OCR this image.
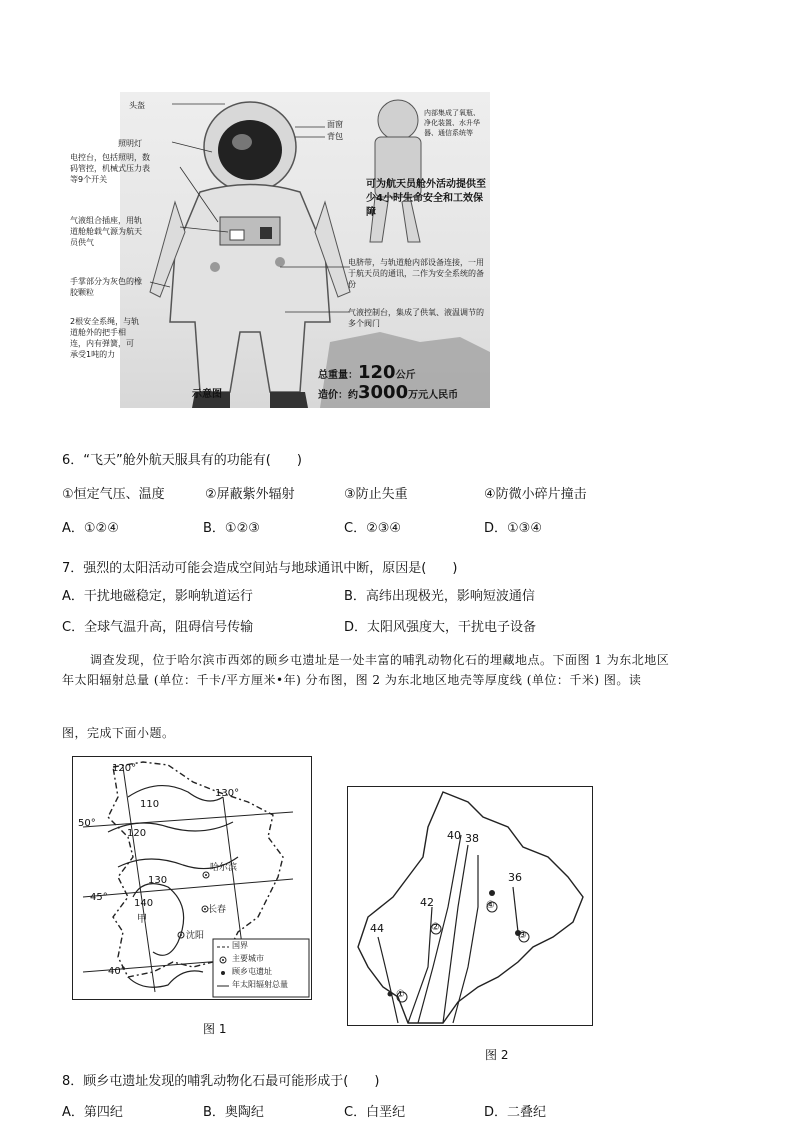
头盔
照明灯
电控台，包括照明，数码管控，机械式压力表等9个开关
气液组合插座，用轨道舱舱载气源为航天员供气
手掌部分为灰色的橡胶颗粒
2根安全系绳，与轨道舱外的把手相连，内有弹簧，可承受1吨的力
面窗
背包
内部集成了氧瓶、净化装置、水升华器、通信系统等
可为航天员舱外活动提供至少4小时生命安全和工效保障
电脐带，与轨道舱内部设备连接，一用于航天员的通讯，二作为安全系统的备份
气液控制台，集成了供氧、液温调节的多个阀门
示意图
总重量：120公斤
造价：约3000万元人民币
6．“飞天”舱外航天服具有的功能有(　　)
①恒定气压、温度	②屏蔽紫外辐射	③防止失重	④防微小碎片撞击
A．①②④	B．①②③	C．②③④	D．①③④
7．强烈的太阳活动可能会造成空间站与地球通讯中断，原因是(　　)
A．干扰地磁稳定，影响轨道运行	B．高纬出现极光，影响短波通信
C．全球气温升高，阻碍信号传输	D．太阳风强度大，干扰电子设备
调查发现，位于哈尔滨市西郊的顾乡屯遗址是一处丰富的哺乳动物化石的埋藏地点。下面图 1 为东北地区
年太阳辐射总量 (单位：千卡/平方厘米•年) 分布图，图 2 为东北地区地壳等厚度线 (单位：千米) 图。读
图，完成下面小题。
120°
130°
50°
45°
40°
110
120
130
140
甲
哈尔滨
长春
沈阳
国界
主要城市
顾乡屯遗址
年太阳辐射总量
图 1
40 38
36
42
44
①
②
③
④
图 2
8．顾乡屯遗址发现的哺乳动物化石最可能形成于(　　)
A．第四纪	B．奥陶纪	C．白垩纪	D．二叠纪
